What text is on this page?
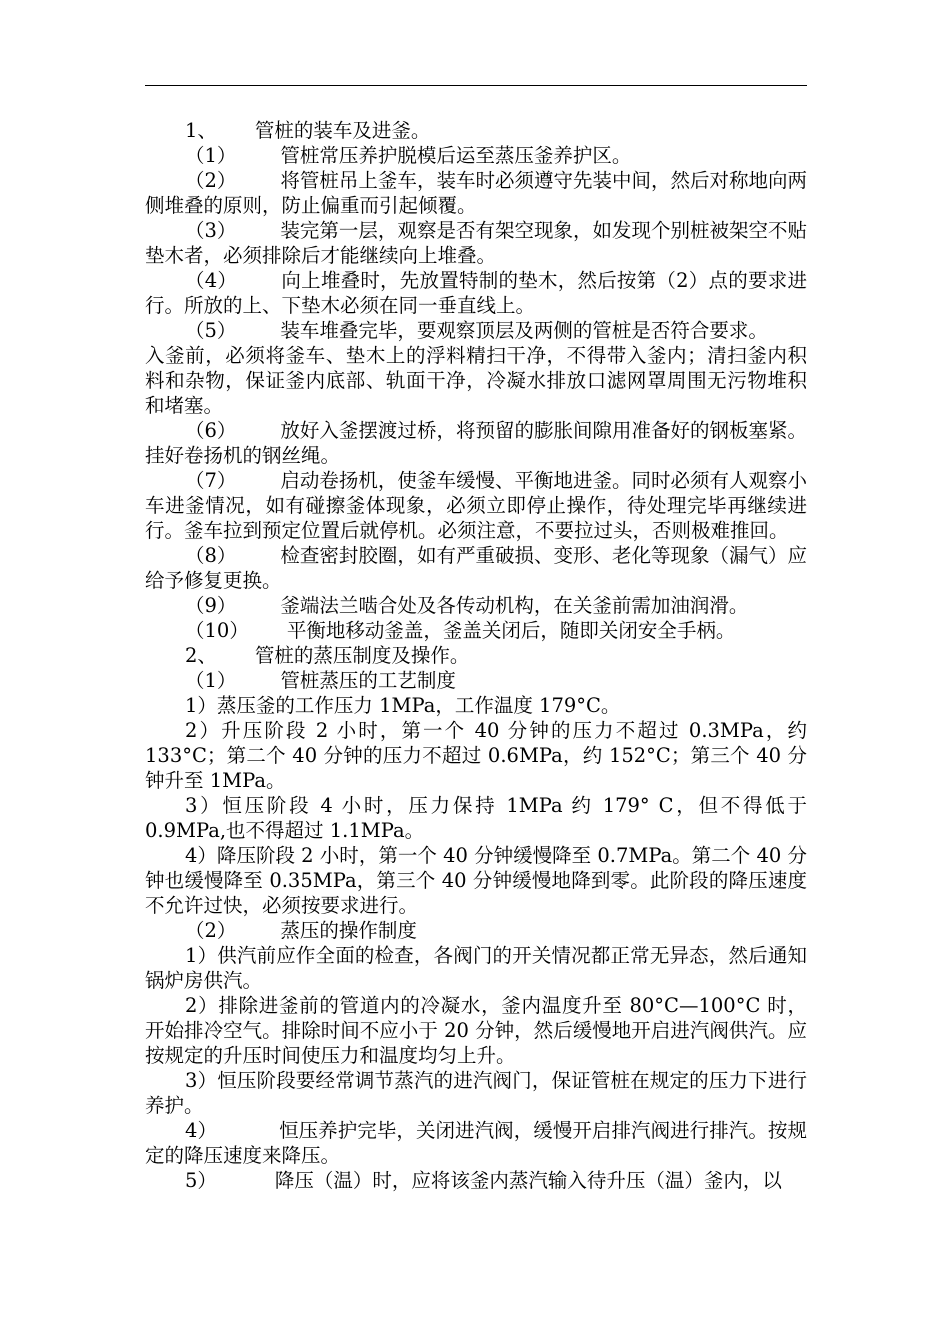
1、 管桩的装车及进釜。

（1） 管桩常压养护脱模后运至蒸压釜养护区。

（2） 将管桩吊上釜车，装车时必须遵守先装中间，然后对称地向两侧堆叠的原则，防止偏重而引起倾覆。

（3） 装完第一层，观察是否有架空现象，如发现个别桩被架空不贴垫木者，必须排除后才能继续向上堆叠。

（4） 向上堆叠时，先放置特制的垫木，然后按第（2）点的要求进行。所放的上、下垫木必须在同一垂直线上。

（5） 装车堆叠完毕，要观察顶层及两侧的管桩是否符合要求。

入釜前，必须将釜车、垫木上的浮料精扫干净，不得带入釜内；清扫釜内积料和杂物，保证釜内底部、轨面干净，冷凝水排放口滤网罩周围无污物堆积和堵塞。

（6） 放好入釜摆渡过桥，将预留的膨胀间隙用准备好的钢板塞紧。挂好卷扬机的钢丝绳。

（7） 启动卷扬机，使釜车缓慢、平衡地进釜。同时必须有人观察小车进釜情况，如有碰擦釜体现象，必须立即停止操作，待处理完毕再继续进行。釜车拉到预定位置后就停机。必须注意，不要拉过头，否则极难推回。

（8） 检查密封胶圈，如有严重破损、变形、老化等现象（漏气）应给予修复更换。

（9） 釜端法兰啮合处及各传动机构，在关釜前需加油润滑。

（10） 平衡地移动釜盖，釜盖关闭后，随即关闭安全手柄。

2、 管桩的蒸压制度及操作。

（1） 管桩蒸压的工艺制度

1）蒸压釜的工作压力 1MPa，工作温度 179°C。

2）升压阶段 2 小时，第一个 40 分钟的压力不超过 0.3MPa，约 133°C；第二个 40 分钟的压力不超过 0.6MPa，约 152°C；第三个 40 分钟升至 1MPa。

3）恒压阶段 4 小时，压力保持 1MPa 约 179° C，但不得低于 0.9MPa,也不得超过 1.1MPa。

4）降压阶段 2 小时，第一个 40 分钟缓慢降至 0.7MPa。第二个 40 分钟也缓慢降至 0.35MPa，第三个 40 分钟缓慢地降到零。此阶段的降压速度不允许过快，必须按要求进行。

（2） 蒸压的操作制度

1）供汽前应作全面的检查，各阀门的开关情况都正常无异态，然后通知锅炉房供汽。

2）排除进釜前的管道内的冷凝水，釜内温度升至 80°C—100°C 时，开始排冷空气。排除时间不应小于 20 分钟，然后缓慢地开启进汽阀供汽。应按规定的升压时间使压力和温度均匀上升。

3）恒压阶段要经常调节蒸汽的进汽阀门，保证管桩在规定的压力下进行养护。

4）	恒压养护完毕，关闭进汽阀，缓慢开启排汽阀进行排汽。按规定的降压速度来降压。

5）	降压（温）时，应将该釜内蒸汽输入待升压（温）釜内，以
